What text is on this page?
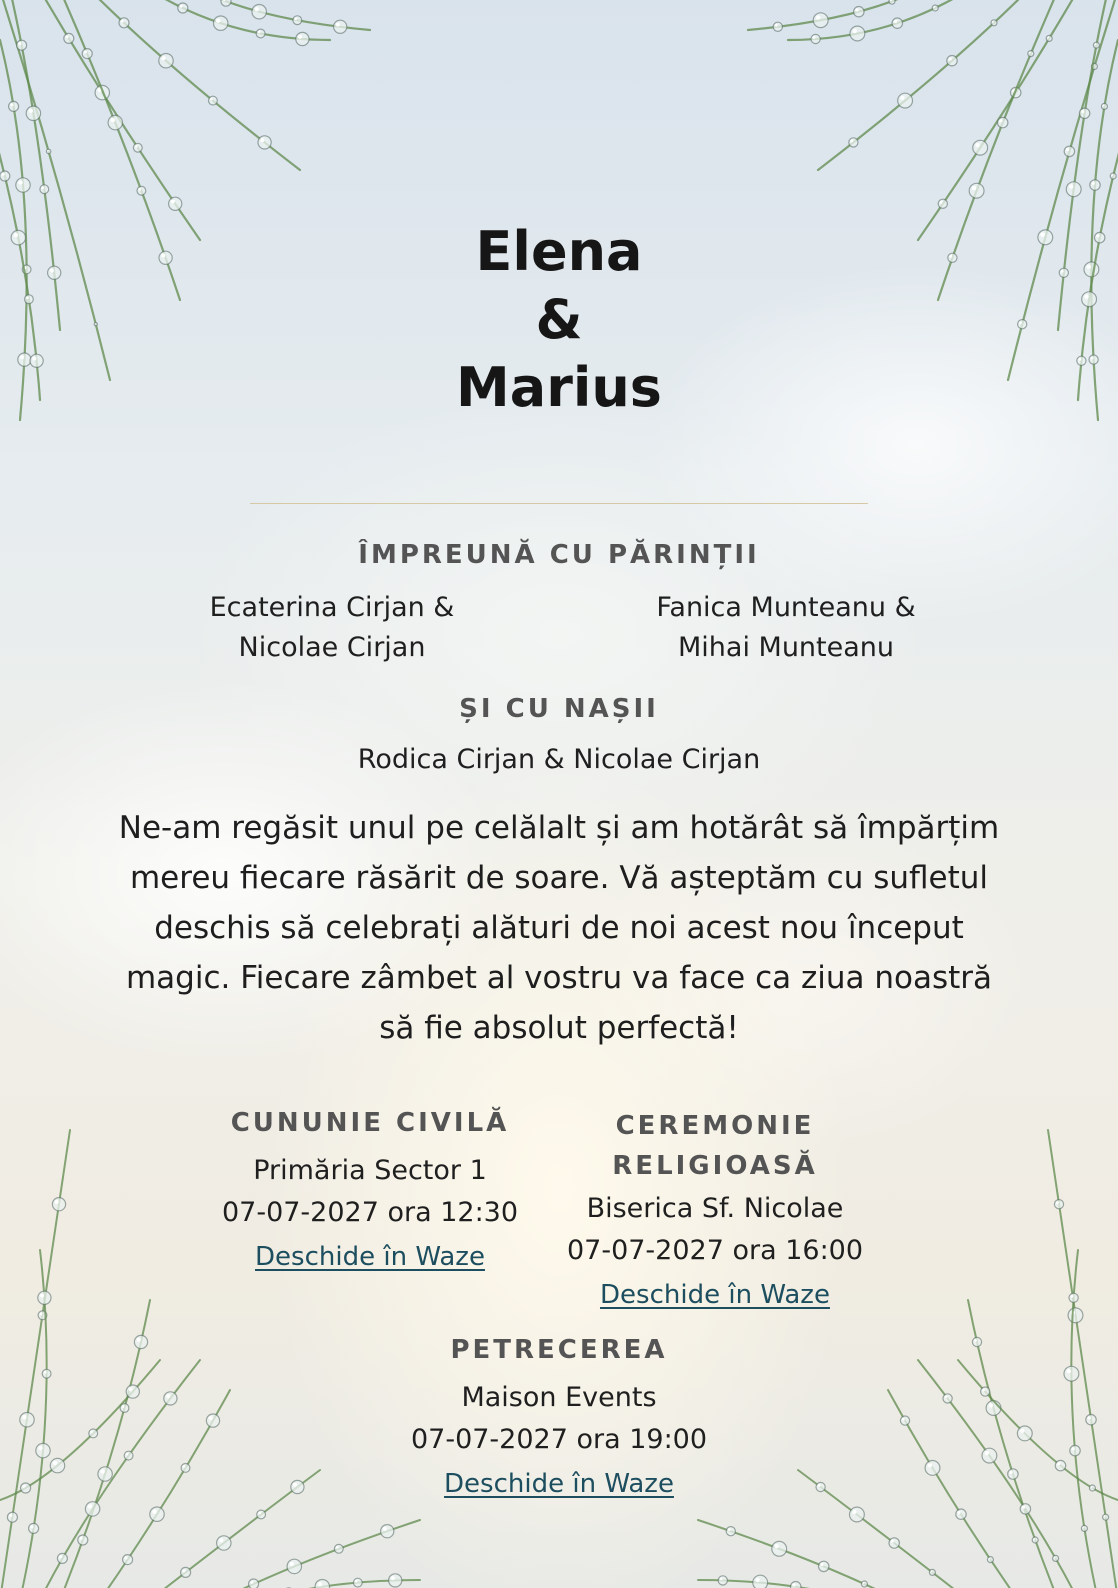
Elena
&
Marius
ÎMPREUNĂ CU PĂRINȚII
Ecaterina Cirjan &
Nicolae Cirjan
Fanica Munteanu &
Mihai Munteanu
ȘI CU NAȘII
Rodica Cirjan & Nicolae Cirjan
Ne-am regăsit unul pe celălalt și am hotărât să împărțim
mereu fiecare răsărit de soare. Vă așteptăm cu sufletul
deschis să celebrați alături de noi acest nou început
magic. Fiecare zâmbet al vostru va face ca ziua noastră
să fie absolut perfectă!
CUNUNIE CIVILĂ
Primăria Sector 1
07-07-2027 ora 12:30
Deschide în Waze
CEREMONIE
RELIGIOASĂ
Biserica Sf. Nicolae
07-07-2027 ora 16:00
Deschide în Waze
PETRECEREA
Maison Events
07-07-2027 ora 19:00
Deschide în Waze
